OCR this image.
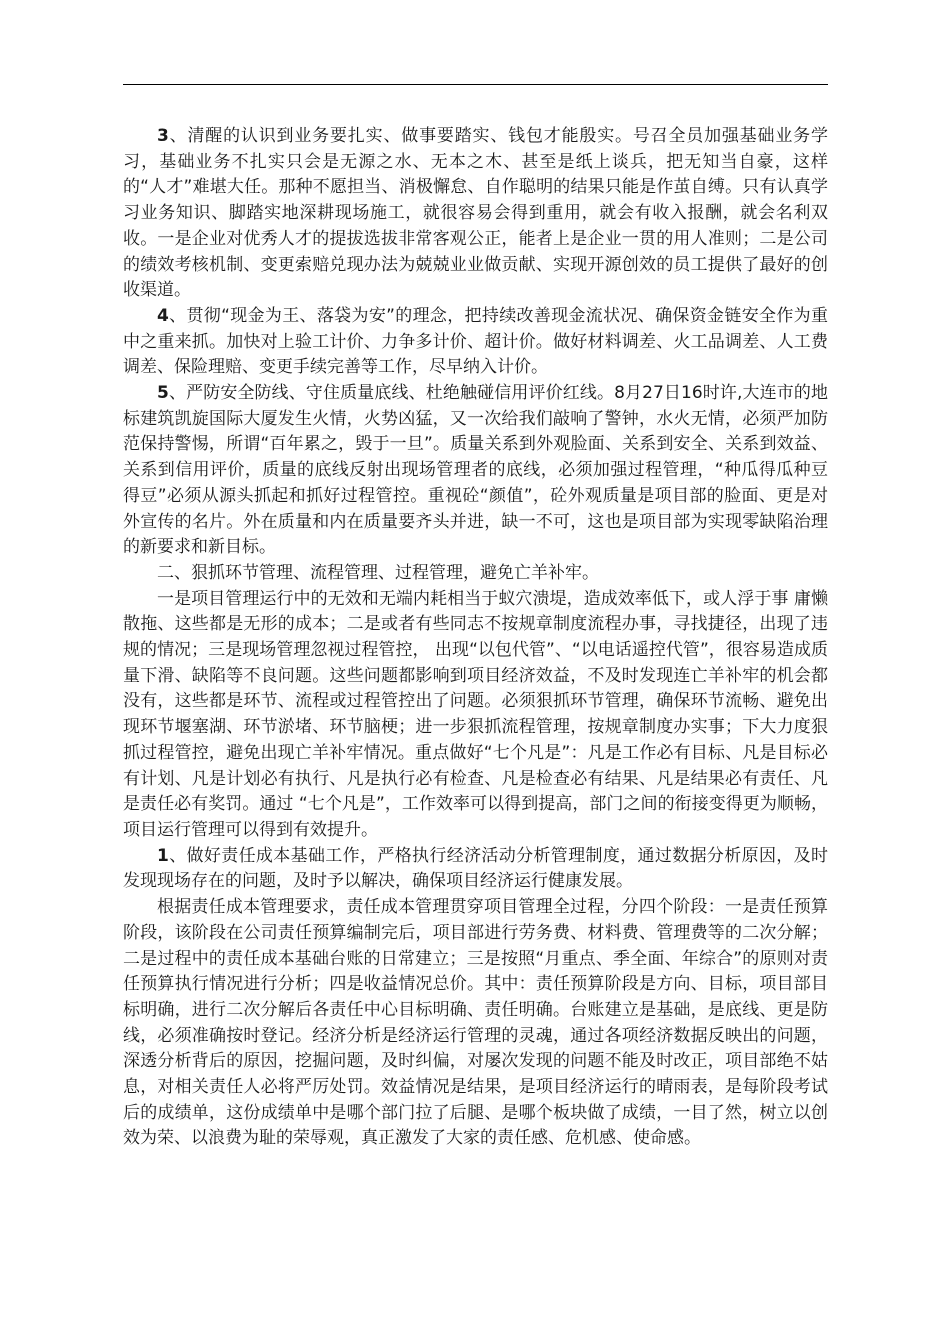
3、清醒的认识到业务要扎实、做事要踏实、钱包才能殷实。号召全员加强基础业务学习，基础业务不扎实只会是无源之水、无本之木、甚至是纸上谈兵，把无知当自豪，这样的“人才”难堪大任。那种不愿担当、消极懈怠、自作聪明的结果只能是作茧自缚。只有认真学习业务知识、脚踏实地深耕现场施工，就很容易会得到重用，就会有收入报酬，就会名利双收。一是企业对优秀人才的提拔选拔非常客观公正，能者上是企业一贯的用人准则；二是公司的绩效考核机制、变更索赔兑现办法为兢兢业业做贡献、实现开源创效的员工提供了最好的创收渠道。

4、贯彻“现金为王、落袋为安”的理念，把持续改善现金流状况、确保资金链安全作为重中之重来抓。加快对上验工计价、力争多计价、超计价。做好材料调差、火工品调差、人工费调差、保险理赔、变更手续完善等工作，尽早纳入计价。

5、严防安全防线、守住质量底线、杜绝触碰信用评价红线。8月27日16时许,大连市的地标建筑凯旋国际大厦发生火情，火势凶猛，又一次给我们敲响了警钟，水火无情，必须严加防范保持警惕，所谓“百年累之，毁于一旦”。质量关系到外观脸面、关系到安全、关系到效益、关系到信用评价，质量的底线反射出现场管理者的底线，必须加强过程管理，“种瓜得瓜种豆得豆”必须从源头抓起和抓好过程管控。重视砼“颜值”，砼外观质量是项目部的脸面、更是对外宣传的名片。外在质量和内在质量要齐头并进，缺一不可，这也是项目部为实现零缺陷治理的新要求和新目标。

二、狠抓环节管理、流程管理、过程管理，避免亡羊补牢。

一是项目管理运行中的无效和无端内耗相当于蚁穴溃堤，造成效率低下，或人浮于事 庸懒散拖、这些都是无形的成本；二是或者有些同志不按规章制度流程办事，寻找捷径，出现了违规的情况；三是现场管理忽视过程管控， 出现“以包代管”、“以电话遥控代管”，很容易造成质量下滑、缺陷等不良问题。这些问题都影响到项目经济效益，不及时发现连亡羊补牢的机会都没有，这些都是环节、流程或过程管控出了问题。必须狠抓环节管理，确保环节流畅、避免出现环节堰塞湖、环节淤堵、环节脑梗；进一步狠抓流程管理，按规章制度办实事；下大力度狠抓过程管控，避免出现亡羊补牢情况。重点做好“七个凡是”：凡是工作必有目标、凡是目标必有计划、凡是计划必有执行、凡是执行必有检查、凡是检查必有结果、凡是结果必有责任、凡是责任必有奖罚。通过 “七个凡是”，工作效率可以得到提高，部门之间的衔接变得更为顺畅，项目运行管理可以得到有效提升。

1、做好责任成本基础工作，严格执行经济活动分析管理制度，通过数据分析原因，及时发现现场存在的问题，及时予以解决，确保项目经济运行健康发展。

根据责任成本管理要求，责任成本管理贯穿项目管理全过程，分四个阶段：一是责任预算阶段，该阶段在公司责任预算编制完后，项目部进行劳务费、材料费、管理费等的二次分解；二是过程中的责任成本基础台账的日常建立；三是按照“月重点、季全面、年综合”的原则对责任预算执行情况进行分析；四是收益情况总价。其中：责任预算阶段是方向、目标，项目部目标明确，进行二次分解后各责任中心目标明确、责任明确。台账建立是基础，是底线、更是防线，必须准确按时登记。经济分析是经济运行管理的灵魂，通过各项经济数据反映出的问题，深透分析背后的原因，挖掘问题，及时纠偏，对屡次发现的问题不能及时改正，项目部绝不姑息，对相关责任人必将严厉处罚。效益情况是结果，是项目经济运行的晴雨表，是每阶段考试后的成绩单，这份成绩单中是哪个部门拉了后腿、是哪个板块做了成绩，一目了然，树立以创效为荣、以浪费为耻的荣辱观，真正激发了大家的责任感、危机感、使命感。
